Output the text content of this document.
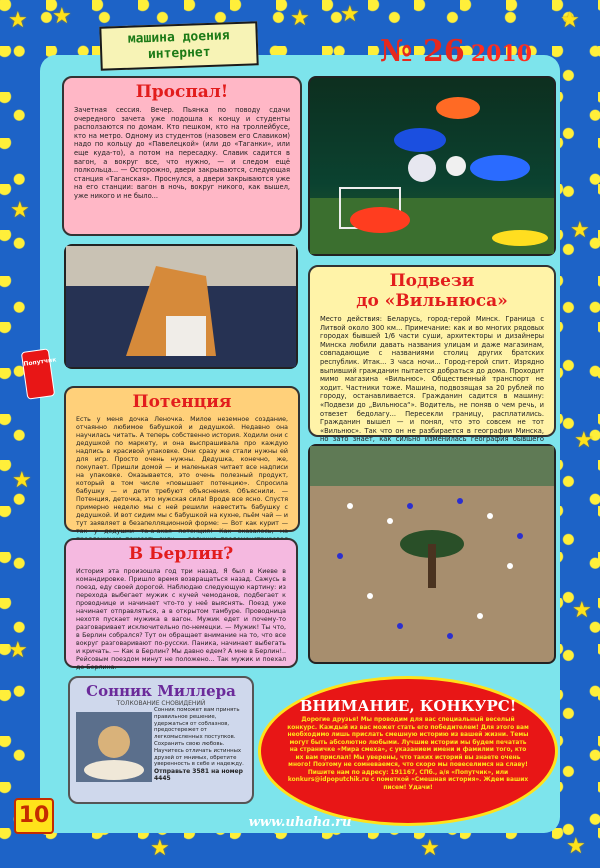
★ ★	★ ★	★
★
★
★
★
★
★
★	★	★
машина доения
интернет	№ 26 2010
Проспал!
Зачетная сессия. Вечер. Пьянка по поводу сдачи очередного зачета уже подошла к концу и студенты расползаются по домам. Кто пешком, кто на троллейбусе, кто на метро. Одному из студентов (назовем его Славиком) надо по кольцу до «Павелецкой» (или до «Таганки», или еще куда-то), а потом на пересадку. Славик садится в вагон, а вокруг все, что нужно, — и следом ещё полкольца... — Осторожно, двери закрываются, следующая станция «Таганская». Проснулся, а двери закрываются уже на его станции: вагон в ночь, вокруг никого, как вышел, уже никого и не было...
Подвези
до «Вильнюса»
Место действия: Беларусь, город-герой Минск. Граница с Литвой около 300 км... Примечание: как и во многих рядовых городах бывшей 1/6 части суши, архитекторы и дизайнеры Минска любили давать названия улицам и даже магазинам, совпадающие с названиями столиц других братских республик. Итак... 3 часа ночи... Город-герой спит. Изрядно выпивший гражданин пытается добраться до дома. Проходит мимо магазина «Вильнюс». Общественный транспорт не ходит. Частники тоже. Машина, подвозящая за 20 рублей по городу, останавливается. Гражданин садится в машину: «Подвези до „Вильнюса“». Водитель, не поняв о чем речь, и отвезет бедолагу... Пересекли границу, расплатились. Гражданин вышел — и понял, что это совсем не тот «Вильнюс». Так что он не разбирается в географии Минска, но зато знает, как сильно изменилась география бывшего
Потенция
Есть у меня дочка Леночка. Милое неземное создание, отчаянно любимое бабушкой и дедушкой. Недавно она научилась читать. А теперь собственно история. Ходили они с дедушкой по маркету, и она выспрашивала про каждую надпись в красивой упаковке. Они сразу же стали нужны ей для игр. Просто очень нужны. Дедушка, конечно, же, покупает. Пришли домой — и маленькая читает все надписи на упаковке. Оказывается, это очень полезный продукт, который в том числе «повышает потенцию». Спросила бабушку — и дети требуют объяснения. Объяснили. — Потенция, деточка, это мужская сила! Вроде все ясно. Спустя примерно неделю мы с ней решили навестить бабушку с дедушкой. И вот сидим мы с бабушкой на кухне, пьём чай — и тут заявляет в безапелляционной форме: — Вот как курит — так у дедушки та-а-акая потенция! Как оказалось, на
В Берлин?
История эта произошла год три назад. Я был в Киеве в командировке. Пришло время возвращаться назад. Сажусь в поезд, еду своей дорогой. Наблюдаю следующую картину: из перехода выбегает мужик с кучей чемоданов, подбегает к проводнице и начинает что-то у неё выяснять. Поезд уже начинает отправляться, а в открытом тамбуре. Проводница нехотя пускает мужика в вагон. Мужик едет и почему-то разговаривает исключительно по-немецки. — Мужик! Ты что, в Берлин собрался? Тут он обращает внимание на то, что все вокруг разговаривают по-русски. Паника, начинает выбегать и кричать. — Как в Берлин? Мы давно едем? А мне в Берлин!.. Рейсовым поездом минут не положено... Так мужик и поехал до Берлина.
Сонник Миллера
ТОЛКОВАНИЕ СНОВИДЕНИЙ
Сонник поможет вам принять правильное решение, удержаться от соблазнов, предостережет от легкомысленных поступков. Сохранить свою любовь. Научитесь отличать истинных друзей от мнимых, обретите уверенность в себе и надежду.
Отправьте 3581 на номер 4445
ВНИМАНИЕ, КОНКУРС!

Дорогие друзья! Мы проводим для вас специальный веселый конкурс. Каждый из вас может стать его победителем! Для этого вам необходимо лишь прислать смешную историю из вашей жизни. Темы могут быть абсолютно любыми. Лучшие истории мы будем печатать на страничке «Мира смеха», с указанием имени и фамилии того, кто их вам прислал! Мы уверены, что таких историй вы знаете очень много! Поэтому не сомневаемся, что скоро мы повеселимся на славу! Пишите нам по адресу: 191167, СПб., а/я «Попутчик», или konkurs@idpoputchik.ru с пометкой «Смешная история». Ждем ваших писем! Удачи!

Попутчик
10	www.uhaha.ru
